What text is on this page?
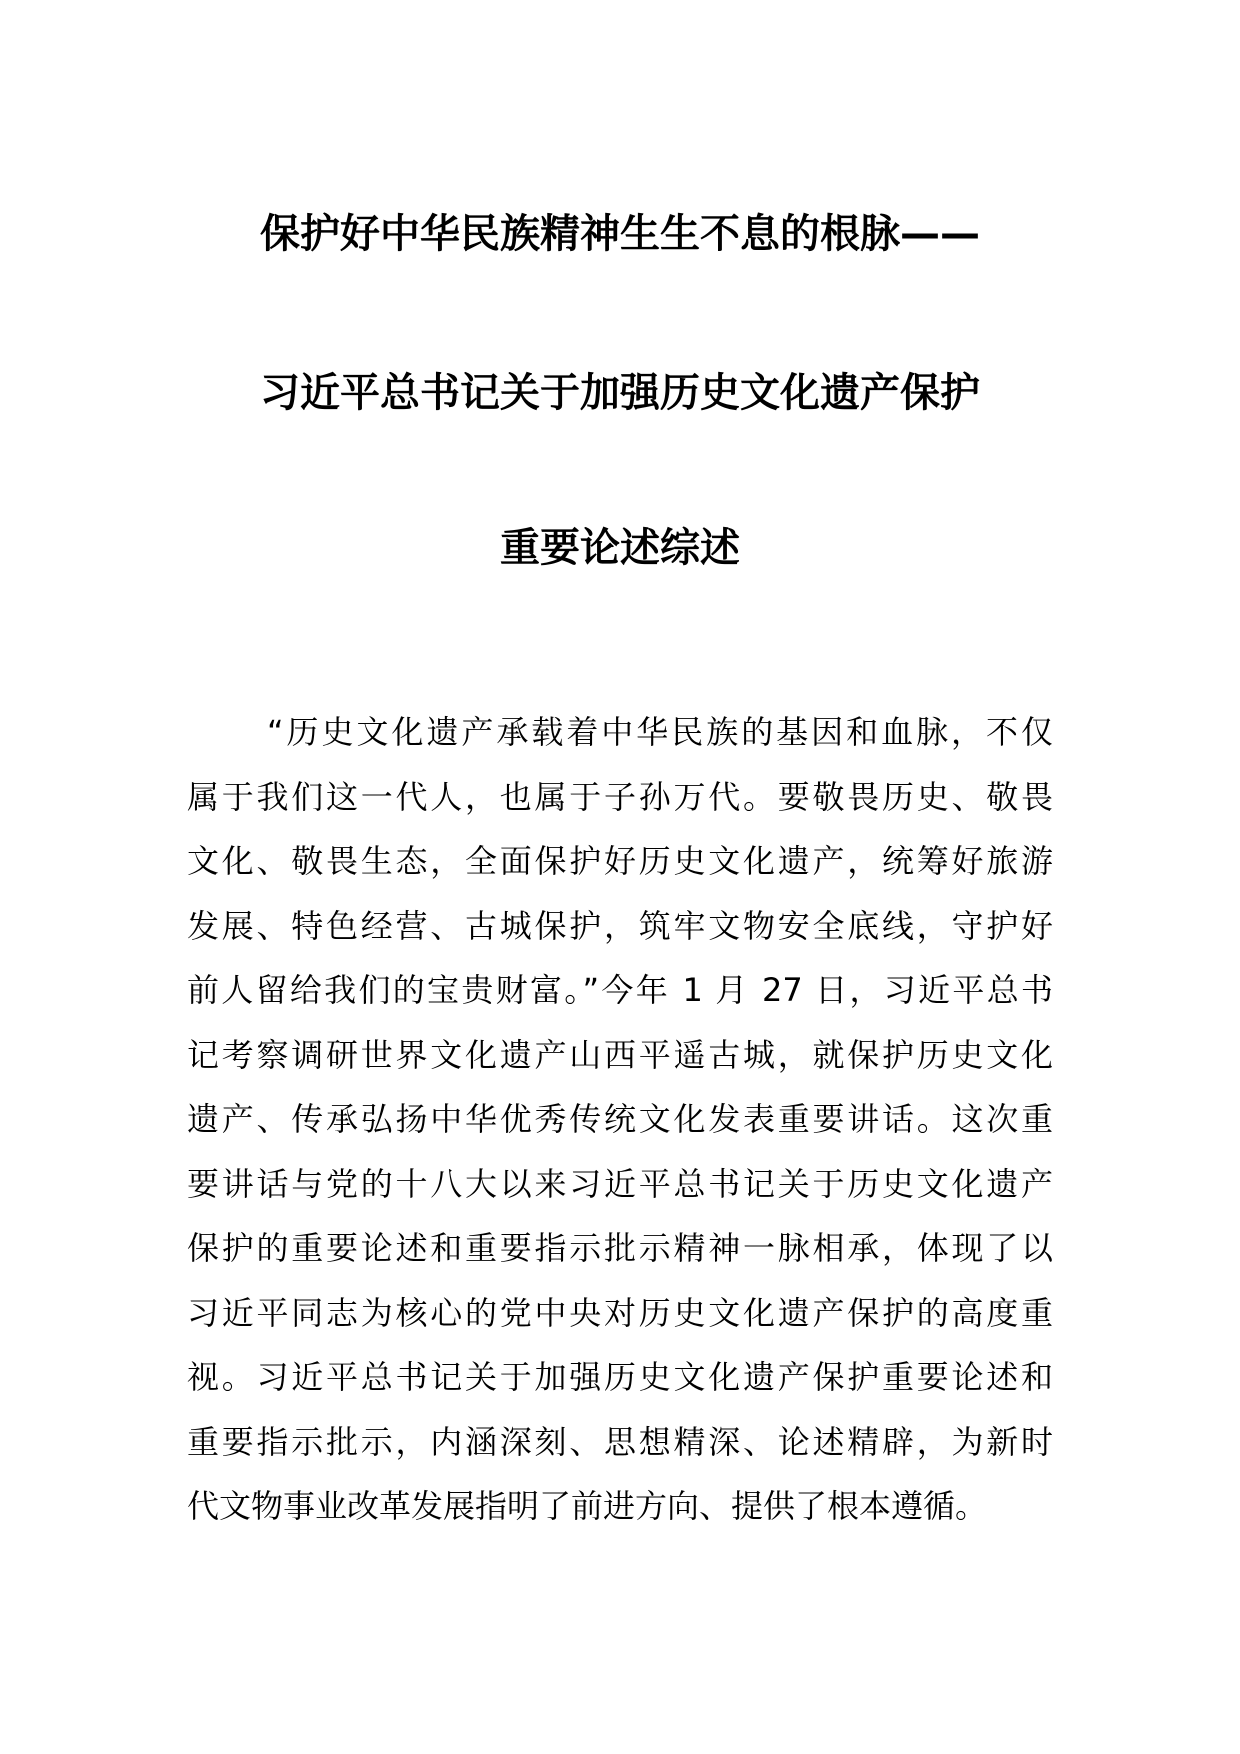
保护好中华民族精神生生不息的根脉——
习近平总书记关于加强历史文化遗产保护
重要论述综述
“历史文化遗产承载着中华民族的基因和血脉，不仅
属于我们这一代人，也属于子孙万代。要敬畏历史、敬畏
文化、敬畏生态，全面保护好历史文化遗产，统筹好旅游
发展、特色经营、古城保护，筑牢文物安全底线，守护好
前人留给我们的宝贵财富。”今年 1 月 27 日，习近平总书
记考察调研世界文化遗产山西平遥古城，就保护历史文化
遗产、传承弘扬中华优秀传统文化发表重要讲话。这次重
要讲话与党的十八大以来习近平总书记关于历史文化遗产
保护的重要论述和重要指示批示精神一脉相承，体现了以
习近平同志为核心的党中央对历史文化遗产保护的高度重
视。习近平总书记关于加强历史文化遗产保护重要论述和
重要指示批示，内涵深刻、思想精深、论述精辟，为新时
代文物事业改革发展指明了前进方向、提供了根本遵循。
